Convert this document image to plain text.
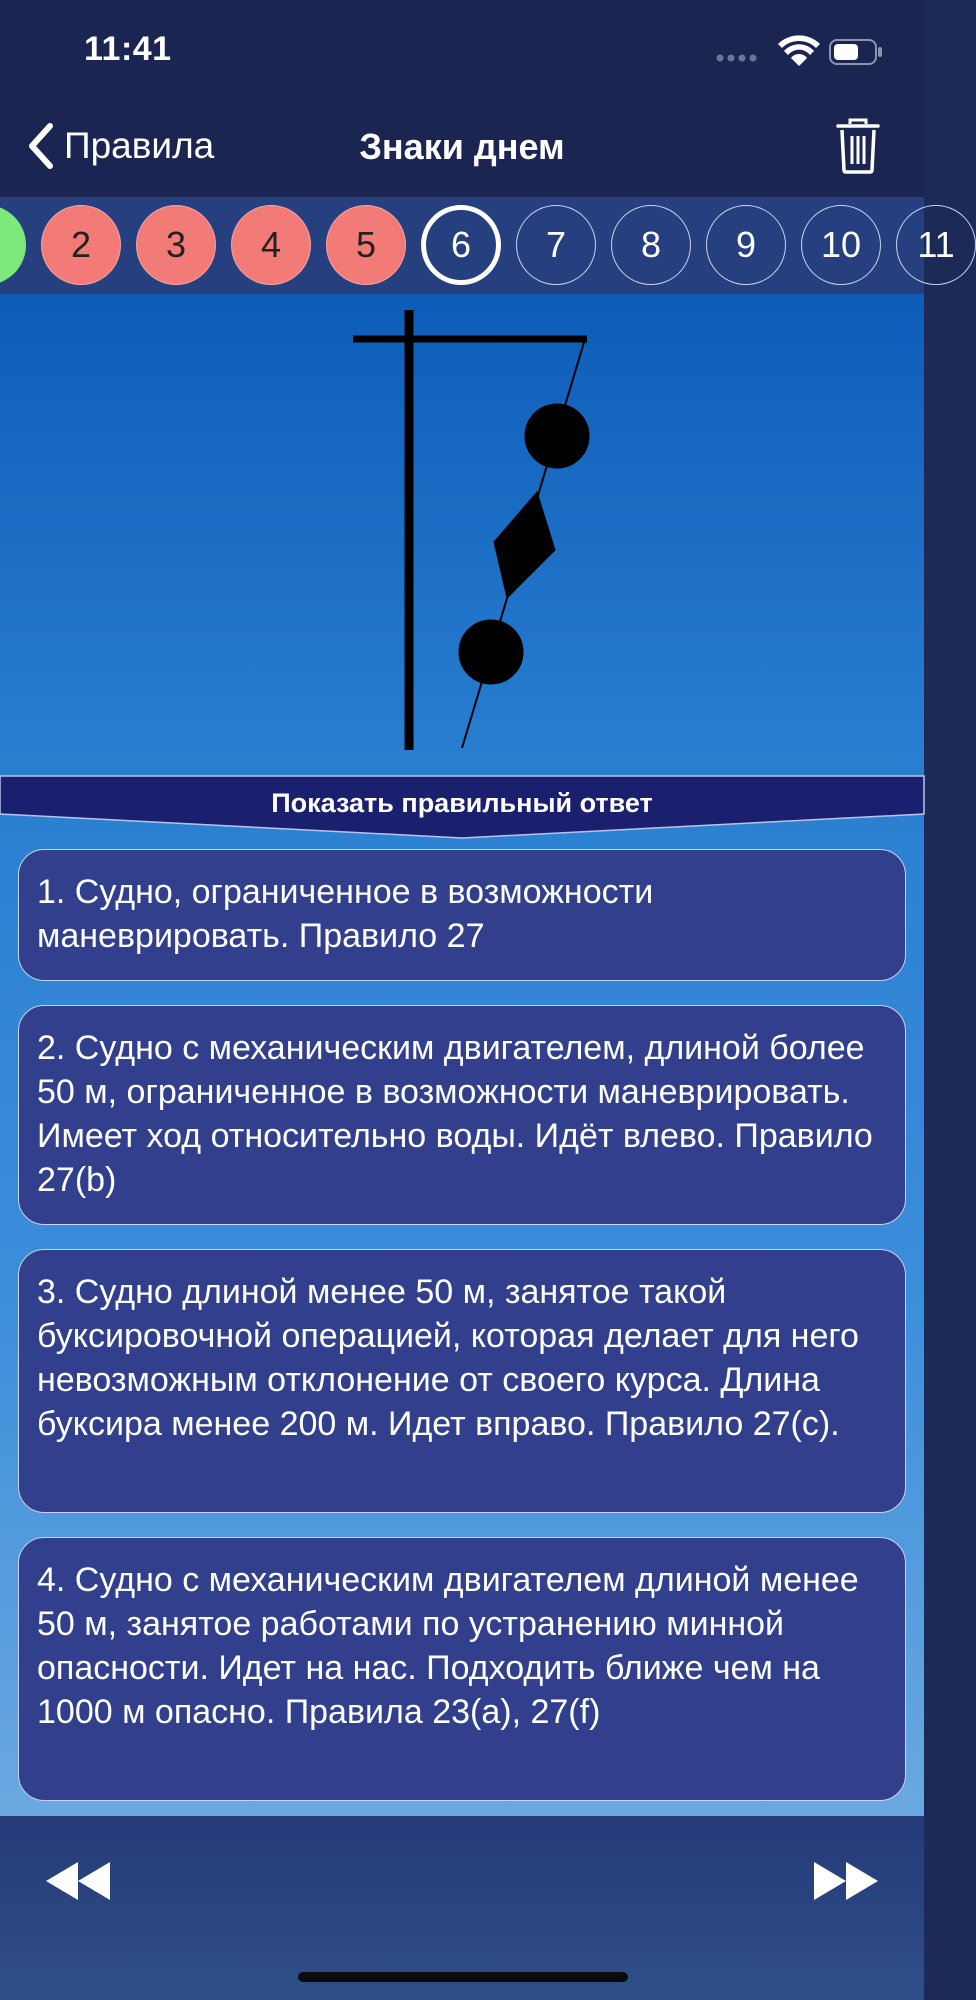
11:41
Правила	Знаки днем
2	3	4	5	6	7	8	9	10	11
Показать правильный ответ
1. Судно, ограниченное в возможности маневрировать. Правило 27
2. Судно с механическим двигателем, длиной более 50 м, ограниченное в возможности маневрировать. Имеет ход относительно воды. Идёт влево. Правило 27(b)
3. Судно длиной менее 50 м, занятое такой буксировочной операцией, которая делает для него невозможным отклонение от своего курса. Длина буксира менее 200 м. Идет вправо. Правило 27(c).
4. Судно с механическим двигателем длиной менее 50 м, занятое работами по устранению минной опасности. Идет на нас. Подходить ближе чем на 1000 м опасно. Правила 23(a), 27(f)
